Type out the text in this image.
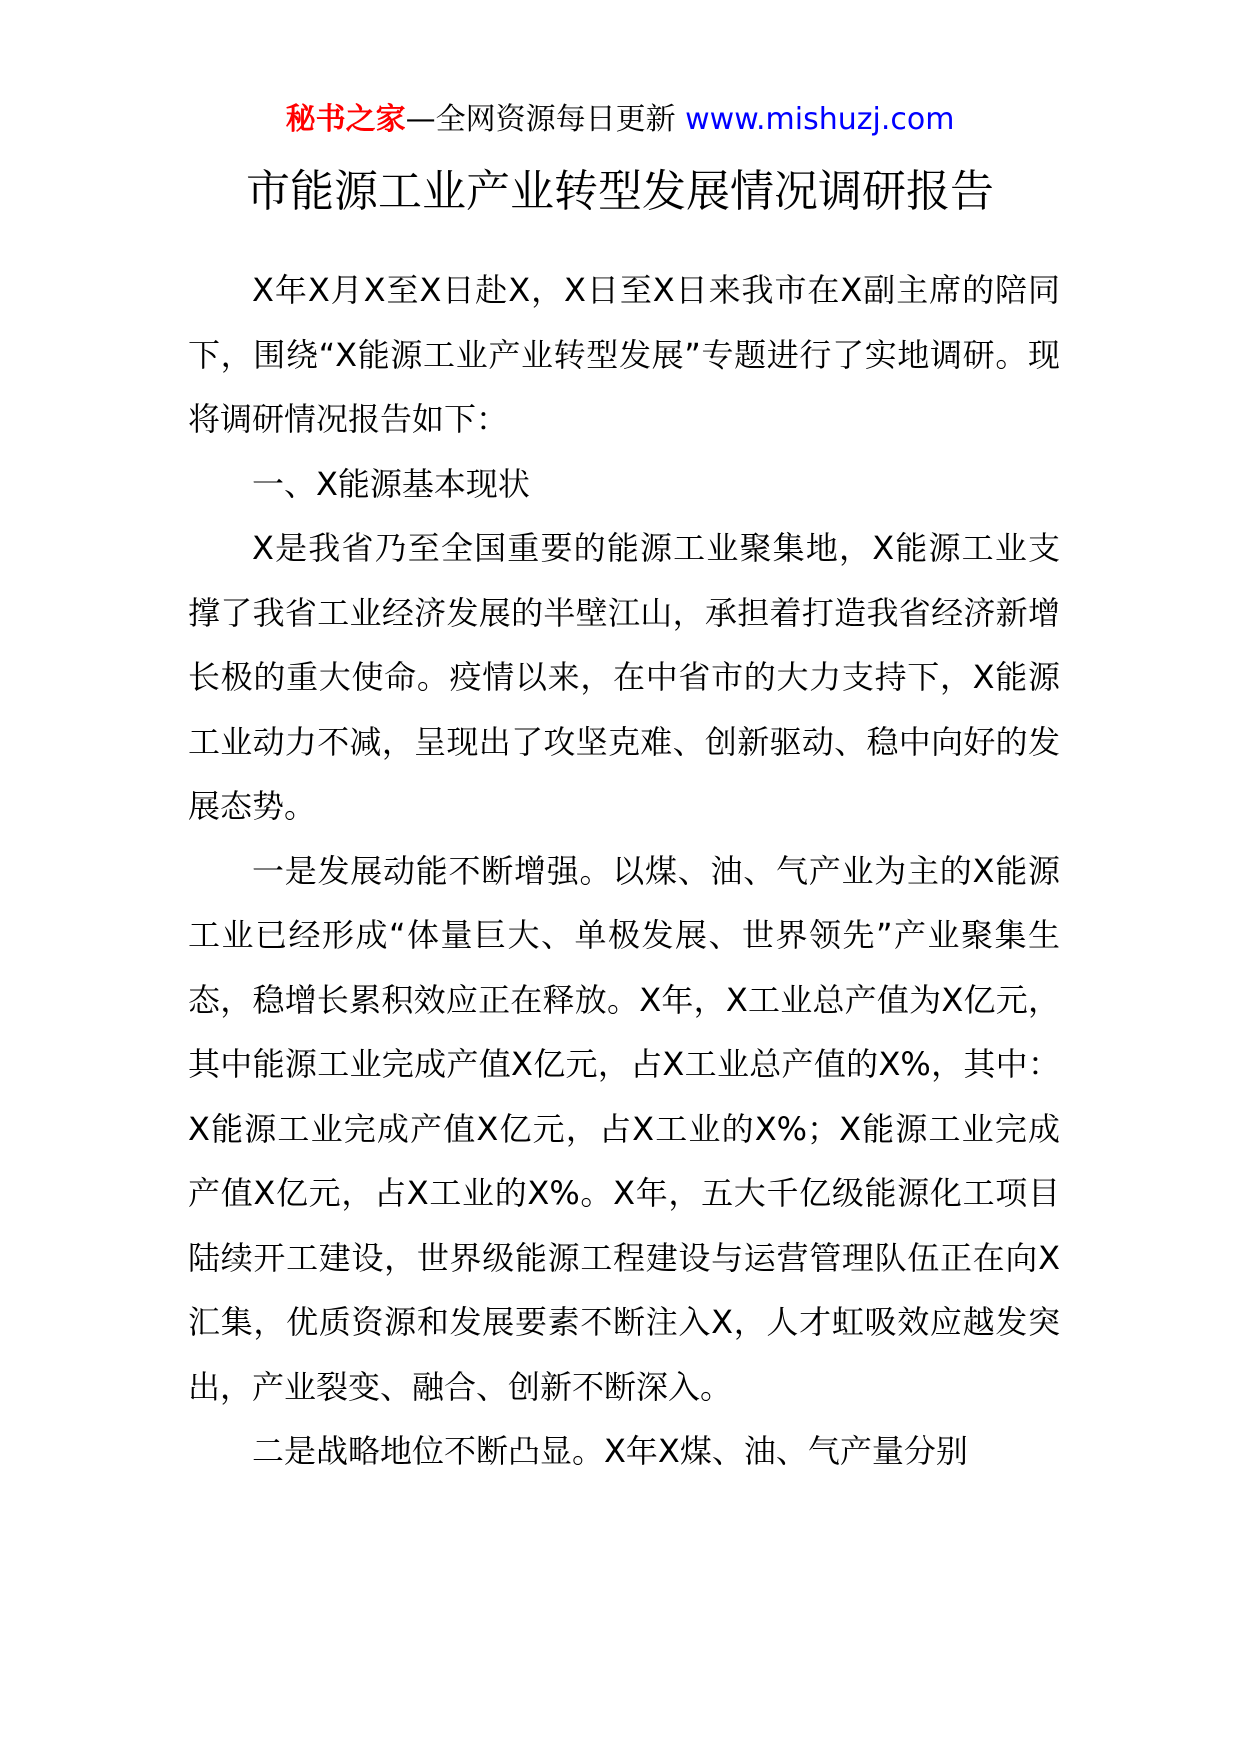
秘书之家—全网资源每日更新 www.mishuzj.com
市能源工业产业转型发展情况调研报告

X年X月X至X日赴X，X日至X日来我市在X副主席的陪同下，围绕“X能源工业产业转型发展”专题进行了实地调研。现将调研情况报告如下：

一、X能源基本现状

X是我省乃至全国重要的能源工业聚集地，X能源工业支撑了我省工业经济发展的半壁江山，承担着打造我省经济新增长极的重大使命。疫情以来，在中省市的大力支持下，X能源工业动力不减，呈现出了攻坚克难、创新驱动、稳中向好的发展态势。

一是发展动能不断增强。以煤、油、气产业为主的X能源工业已经形成“体量巨大、单极发展、世界领先”产业聚集生态，稳增长累积效应正在释放。X年，X工业总产值为X亿元，其中能源工业完成产值X亿元，占X工业总产值的X%，其中：X能源工业完成产值X亿元，占X工业的X%；X能源工业完成产值X亿元，占X工业的X%。X年，五大千亿级能源化工项目陆续开工建设，世界级能源工程建设与运营管理队伍正在向X汇集，优质资源和发展要素不断注入X，人才虹吸效应越发突出，产业裂变、融合、创新不断深入。

二是战略地位不断凸显。X年X煤、油、气产量分别
